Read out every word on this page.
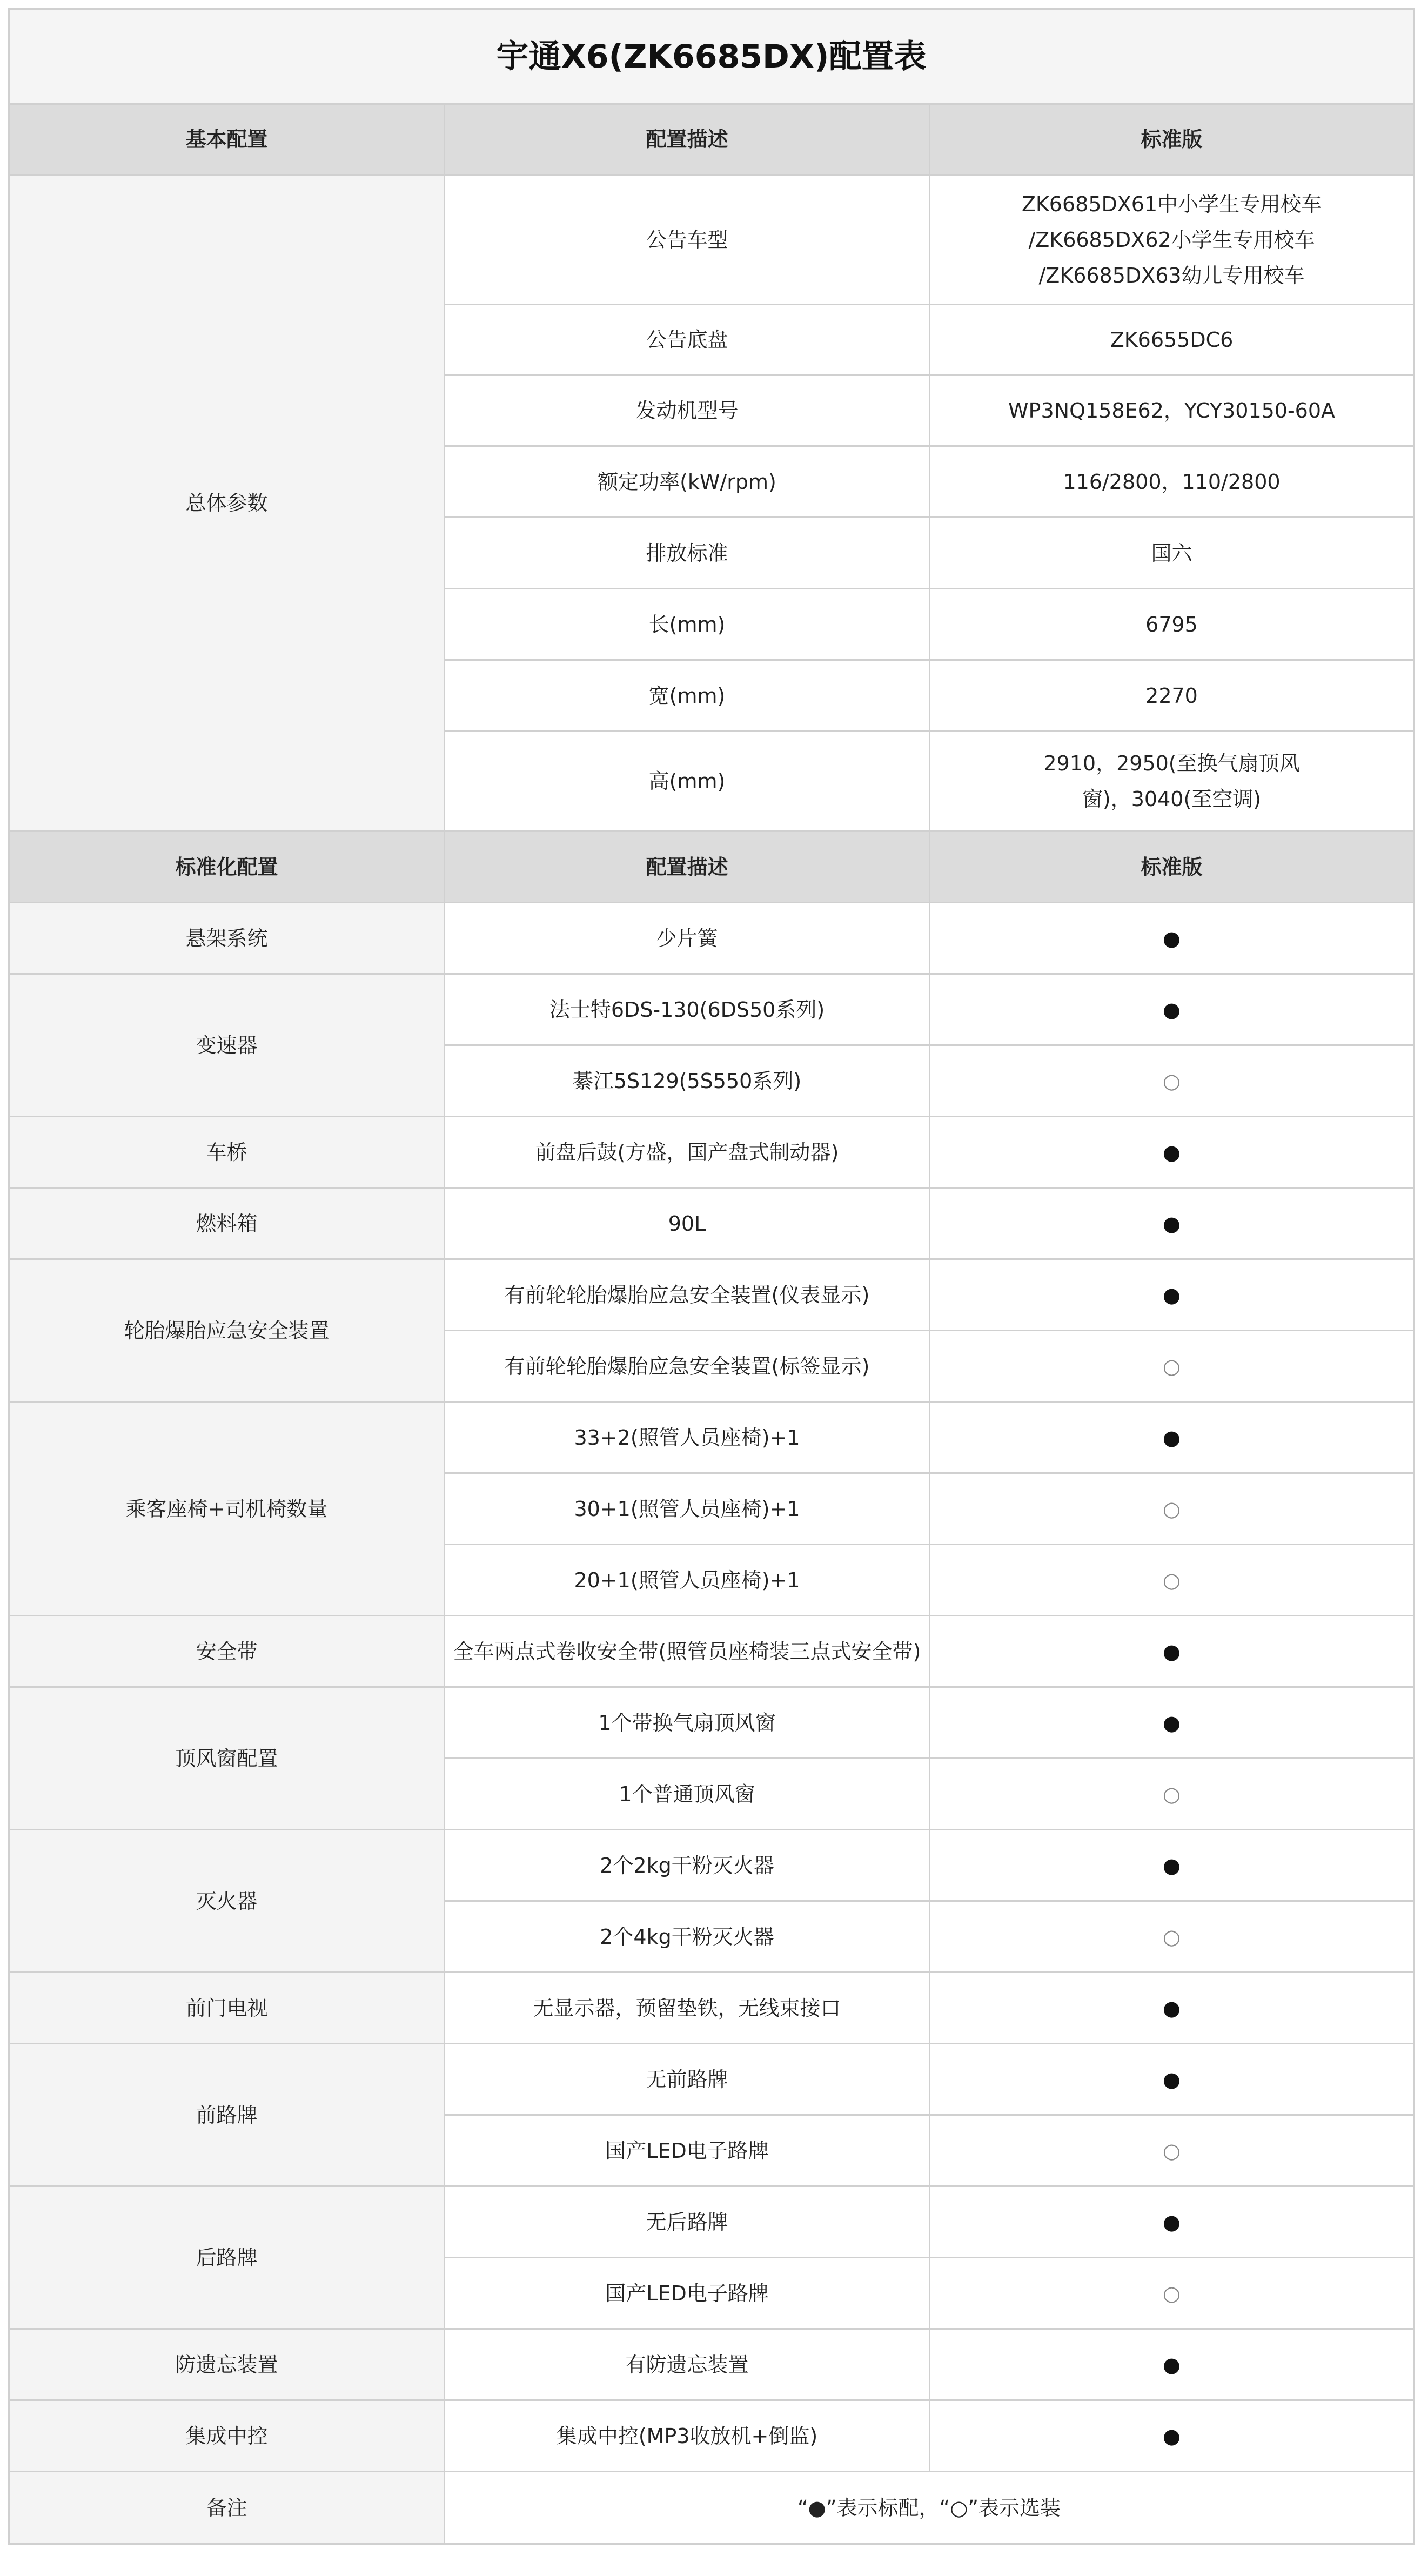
宇通X6(ZK6685DX)配置表		
基本配置	配置描述	标准版
总体参数	公告车型	ZK6685DX61中小学生专用校车
/ZK6685DX62小学生专用校车
/ZK6685DX63幼儿专用校车
	公告底盘	ZK6655DC6
	发动机型号	WP3NQ158E62，YCY30150-60A
	额定功率(kW/rpm)	116/2800，110/2800
	排放标准	国六
	长(mm)	6795
	宽(mm)	2270
	高(mm)	2910，2950(至换气扇顶风
窗)，3040(至空调)
标准化配置	配置描述	标准版
悬架系统	少片簧	●
变速器	法士特6DS-130(6DS50系列)	●
	綦江5S129(5S550系列)	○
车桥	前盘后鼓(方盛，国产盘式制动器)	●
燃料箱	90L	●
轮胎爆胎应急安全装置	有前轮轮胎爆胎应急安全装置(仪表显示)	●
	有前轮轮胎爆胎应急安全装置(标签显示)	○
乘客座椅+司机椅数量	33+2(照管人员座椅)+1	●
	30+1(照管人员座椅)+1	○
	20+1(照管人员座椅)+1	○
安全带	全车两点式卷收安全带(照管员座椅装三点式安全带)	●
顶风窗配置	1个带换气扇顶风窗	●
	1个普通顶风窗	○
灭火器	2个2kg干粉灭火器	●
	2个4kg干粉灭火器	○
前门电视	无显示器，预留垫铁，无线束接口	●
前路牌	无前路牌	●
	国产LED电子路牌	○
后路牌	无后路牌	●
	国产LED电子路牌	○
防遗忘装置	有防遗忘装置	●
集成中控	集成中控(MP3收放机+倒监)	●
备注	“●”表示标配，“○”表示选装	
